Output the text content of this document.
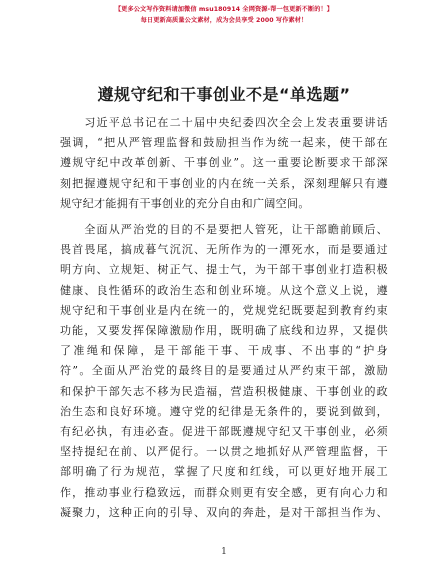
【更多公文写作资料请加微信 msu180914 全网资源-帮一包更新不断的！】
每日更新高质量公文素材，成为会员享受 2000 写作素材！
遵规守纪和干事创业不是“单选题”
　　习近平总书记在二十届中央纪委四次全会上发表重要讲话
强调，“把从严管理监督和鼓励担当作为统一起来，使干部在
遵规守纪中改革创新、干事创业”。这一重要论断要求干部深
刻把握遵规守纪和干事创业的内在统一关系，深刻理解只有遵
规守纪才能拥有干事创业的充分自由和广阔空间。
　　全面从严治党的目的不是要把人管死，让干部瞻前顾后、
畏首畏尾，搞成暮气沉沉、无所作为的一潭死水，而是要通过
明方向、立规矩、树正气、提士气，为干部干事创业打造积极
健康、良性循环的政治生态和创业环境。从这个意义上说，遵
规守纪和干事创业是内在统一的，党规党纪既要起到教育约束
功能，又要发挥保障激励作用，既明确了底线和边界，又提供
了准绳和保障，是干部能干事、干成事、不出事的“护身
符”。全面从严治党的最终目的是要通过从严约束干部，激励
和保护干部矢志不移为民造福，营造积极健康、干事创业的政
治生态和良好环境。遵守党的纪律是无条件的，要说到做到，
有纪必执，有违必查。促进干部既遵规守纪又干事创业，必须
坚持提纪在前、以严促行。一以贯之地抓好从严管理监督，干
部明确了行为规范，掌握了尺度和红线，可以更好地开展工
作，推动事业行稳致远，而群众则更有安全感，更有向心力和
凝聚力，这种正向的引导、双向的奔赴，是对干部担当作为、
1
